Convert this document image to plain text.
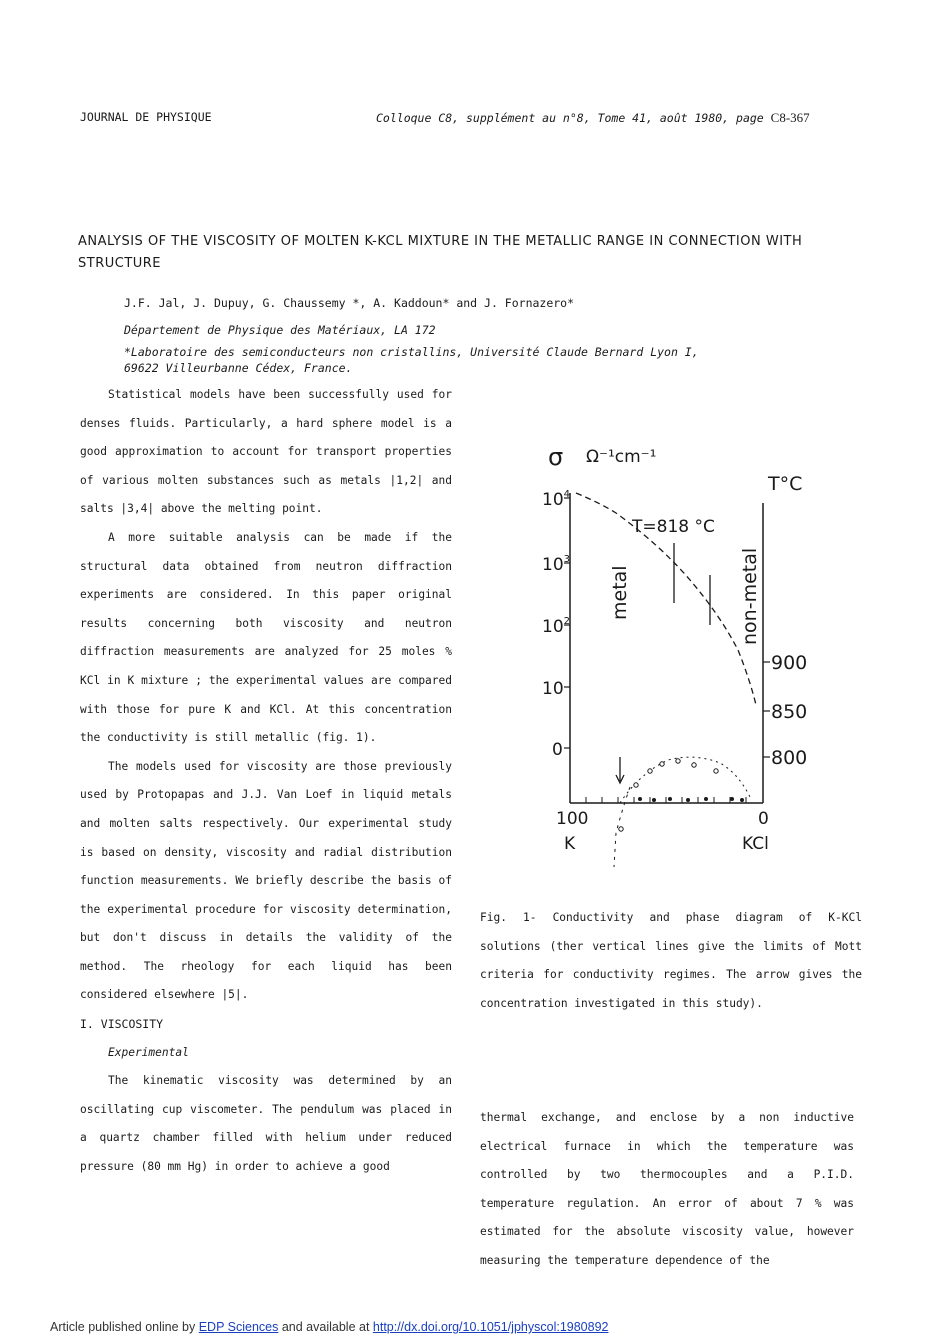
JOURNAL DE PHYSIQUE	Colloque C8, supplément au n°8, Tome 41, août 1980, page C8-367
ANALYSIS OF THE VISCOSITY OF MOLTEN K-KCL MIXTURE IN THE METALLIC RANGE IN CONNECTION WITH STRUCTURE
J.F. Jal, J. Dupuy, G. Chaussemy *, A. Kaddoun* and J. Fornazero*
Département de Physique des Matériaux, LA 172
*Laboratoire des semiconducteurs non cristallins, Université Claude Bernard Lyon I,
69622 Villeurbanne Cédex, France.

Statistical models have been successfully used for denses fluids. Particularly, a hard sphere model is a good approximation to account for transport properties of various molten substances such as metals |1,2| and salts |3,4| above the melting point.

A more suitable analysis can be made if the structural data obtained from neutron diffraction experiments are considered. In this paper original results concerning both viscosity and neutron diffraction measurements are analyzed for 25 moles % KCl in K mixture ; the experimental values are compared with those for pure K and KCl. At this concentration the conductivity is still metallic (fig. 1).

The models used for viscosity are those previously used by Protopapas and J.J. Van Loef in liquid metals and molten salts respectively. Our experimental study is based on density, viscosity and radial distribution function measurements. We briefly describe the basis of the experimental procedure for viscosity determination, but don't discuss in details the validity of the method. The rheology for each liquid has been considered elsewhere |5|.

I. VISCOSITY

Experimental

The kinematic viscosity was determined by an oscillating cup viscometer. The pendulum was placed in a quartz chamber filled with helium under reduced pressure (80 mm Hg) in order to achieve a good

$10^4$
$10^3$
$10^2$
10
0
900
850
800
σ Ω⁻¹cm⁻¹
T°C
T=818 °C
metal	non-metal
100	0
K	KCl
Fig. 1- Conductivity and phase diagram of K-KCl solutions (ther vertical lines give the limits of Mott criteria for conductivity regimes. The arrow gives the concentration investigated in this study).

thermal exchange, and enclose by a non inductive electrical furnace in which the temperature was controlled by two thermocouples and a P.I.D. temperature regulation. An error of about 7 % was estimated for the absolute viscosity value, however measuring the temperature dependence of the

Article published online by EDP Sciences and available at http://dx.doi.org/10.1051/jphyscol:1980892
